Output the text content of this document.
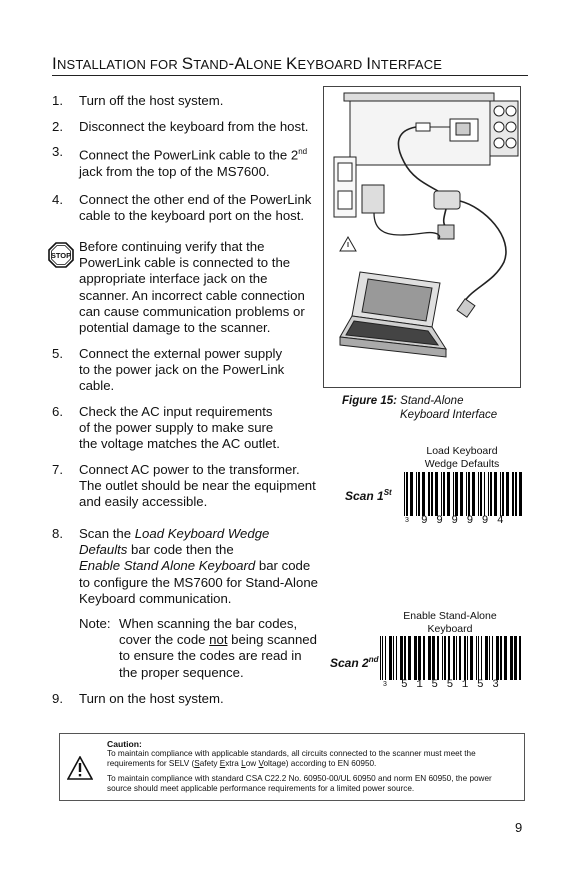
INSTALLATION FOR STAND-ALONE KEYBOARD INTERFACE
1.	Turn off the host system.
2.	Disconnect the keyboard from the host.
3.	Connect the PowerLink cable to the 2nd
jack from the top of the MS7600.
4.	Connect the other end of the PowerLink
cable to the keyboard port on the host.
STOP
Before continuing verify that the
PowerLink cable is connected to the
appropriate interface jack on the
scanner. An incorrect cable connection
can cause communication problems or
potential damage to the scanner.
5.	Connect the external power supply
to the power jack on the PowerLink
cable.
6.	Check the AC input requirements
of the power supply to make sure
the voltage matches the AC outlet.
7.	Connect AC power to the transformer.
The outlet should be near the equipment
and easily accessible.
8.	Scan the Load Keyboard Wedge
Defaults bar code then the
Enable Stand Alone Keyboard bar code
to configure the MS7600 for Stand-Alone
Keyboard communication.
Note: When scanning the bar codes,
cover the code not being scanned
to ensure the codes are read in
the proper sequence.
9.	Turn on the host system.
Figure 15: Stand-Alone
Keyboard Interface
Load Keyboard
Wedge Defaults
Scan 1St
3 999994
Enable Stand-Alone
Keyboard
Scan 2nd
3 5155153
Caution:
To maintain compliance with applicable standards, all circuits connected to the scanner must meet the
requirements for SELV (Safety Extra Low Voltage) according to EN 60950.
To maintain compliance with standard CSA C22.2 No. 60950-00/UL 60950 and norm EN 60950, the power
source should meet applicable performance requirements for a limited power source.
9
